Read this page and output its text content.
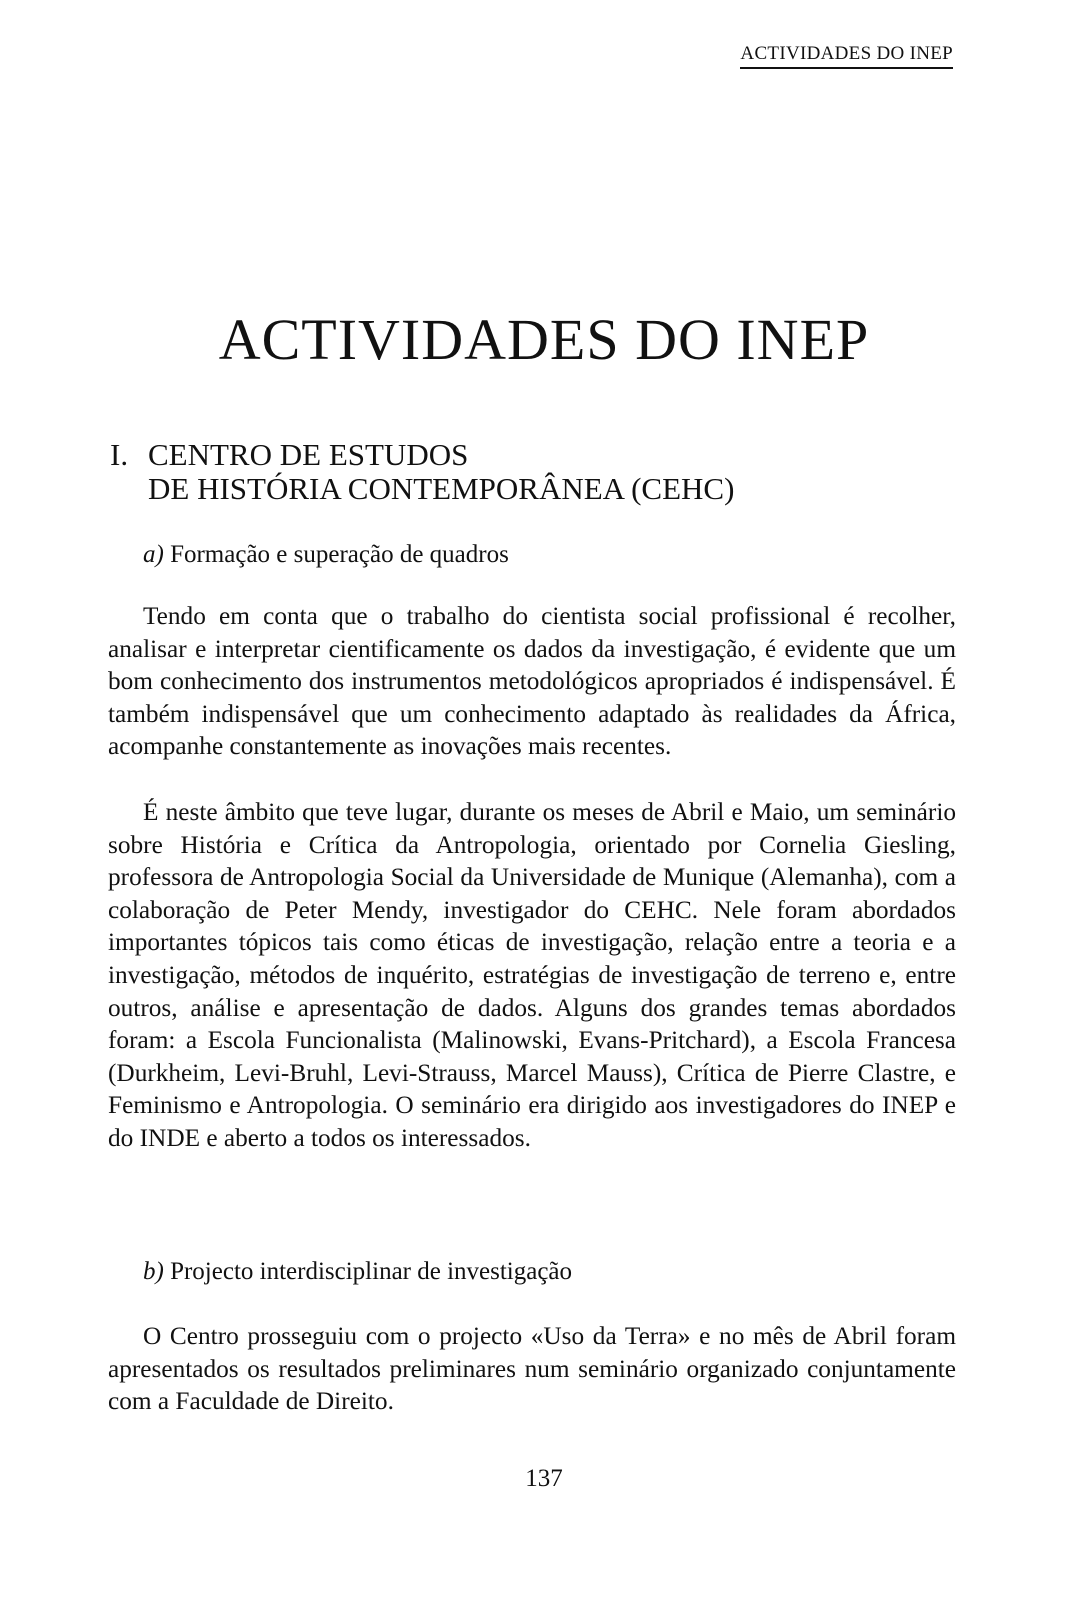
ACTIVIDADES DO INEP
ACTIVIDADES DO INEP
I. CENTRO DE ESTUDOS
DE HISTÓRIA CONTEMPORÂNEA (CEHC)
a) Formação e superação de quadros

Tendo em conta que o trabalho do cientista social profissional é recolher, analisar e interpretar cientificamente os dados da investigação, é evidente que um bom conhecimento dos instrumentos metodológicos apropriados é indispensável. É também indispensável que um conhecimento adaptado às realidades da África, acompanhe constantemente as inovações mais recentes.

É neste âmbito que teve lugar, durante os meses de Abril e Maio, um seminário sobre História e Crítica da Antropologia, orientado por Cornelia Giesling, professora de Antropologia Social da Universidade de Munique (Alemanha), com a colaboração de Peter Mendy, investigador do CEHC. Nele foram abordados importantes tópicos tais como éticas de investigação, relação entre a teoria e a investigação, métodos de inquérito, estratégias de investigação de terreno e, entre outros, análise e apresentação de dados. Alguns dos grandes temas abordados foram: a Escola Funcionalista (Malinowski, Evans-Pritchard), a Escola Francesa (Durkheim, Levi-Bruhl, Levi-Strauss, Marcel Mauss), Crítica de Pierre Clastre, e Feminismo e Antropologia. O seminário era dirigido aos investigadores do INEP e do INDE e aberto a todos os interessados.

b) Projecto interdisciplinar de investigação

O Centro prosseguiu com o projecto «Uso da Terra» e no mês de Abril foram apresentados os resultados preliminares num seminário organizado conjuntamente com a Faculdade de Direito.

137
